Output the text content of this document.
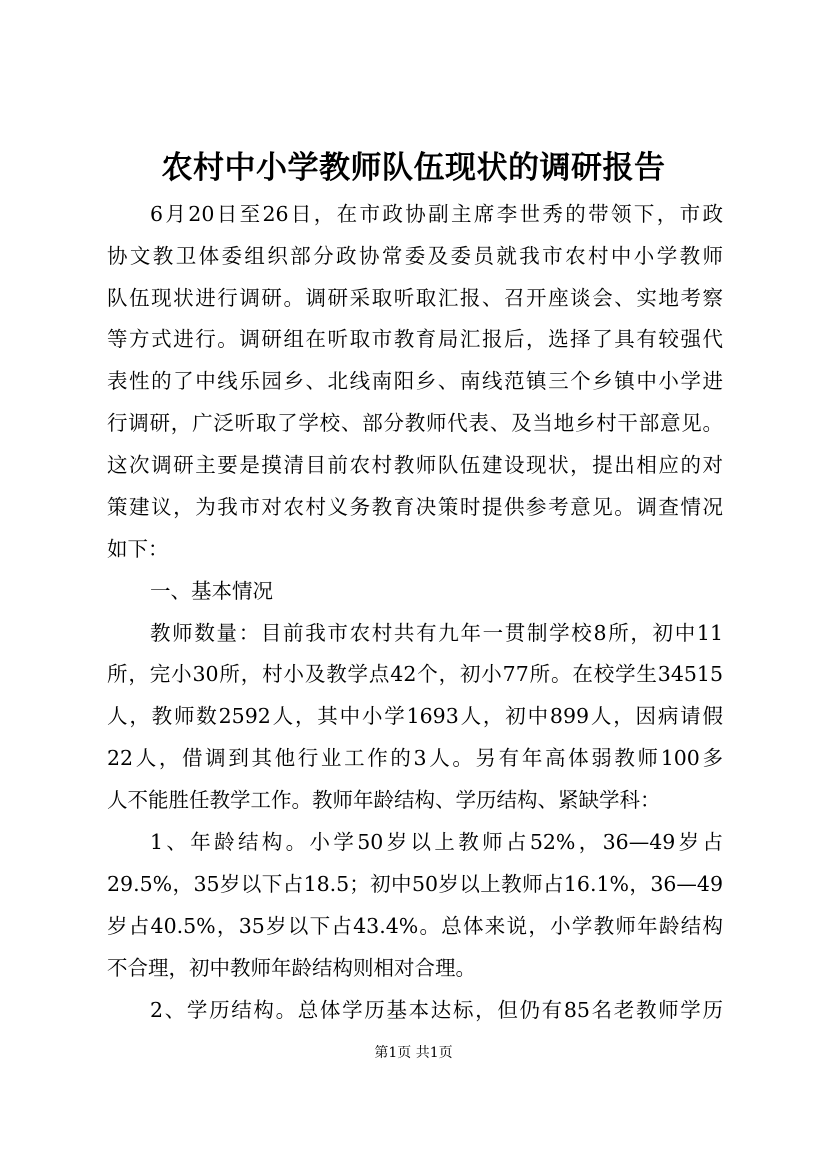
农村中小学教师队伍现状的调研报告
6月20日至26日，在市政协副主席李世秀的带领下，市政
协文教卫体委组织部分政协常委及委员就我市农村中小学教师
队伍现状进行调研。调研采取听取汇报、召开座谈会、实地考察
等方式进行。调研组在听取市教育局汇报后，选择了具有较强代
表性的了中线乐园乡、北线南阳乡、南线范镇三个乡镇中小学进
行调研，广泛听取了学校、部分教师代表、及当地乡村干部意见。
这次调研主要是摸清目前农村教师队伍建设现状，提出相应的对
策建议，为我市对农村义务教育决策时提供参考意见。调查情况
如下：
一、基本情况
教师数量：目前我市农村共有九年一贯制学校8所，初中11
所，完小30所，村小及教学点42个，初小77所。在校学生34515
人，教师数2592人，其中小学1693人，初中899人，因病请假
22人，借调到其他行业工作的3人。另有年高体弱教师100多
人不能胜任教学工作。教师年龄结构、学历结构、紧缺学科：
1、年龄结构。小学50岁以上教师占52%，36—49岁占
29.5%，35岁以下占18.5；初中50岁以上教师占16.1%，36—49
岁占40.5%，35岁以下占43.4%。总体来说，小学教师年龄结构
不合理，初中教师年龄结构则相对合理。
2、学历结构。总体学历基本达标，但仍有85名老教师学历
第1页 共1页
